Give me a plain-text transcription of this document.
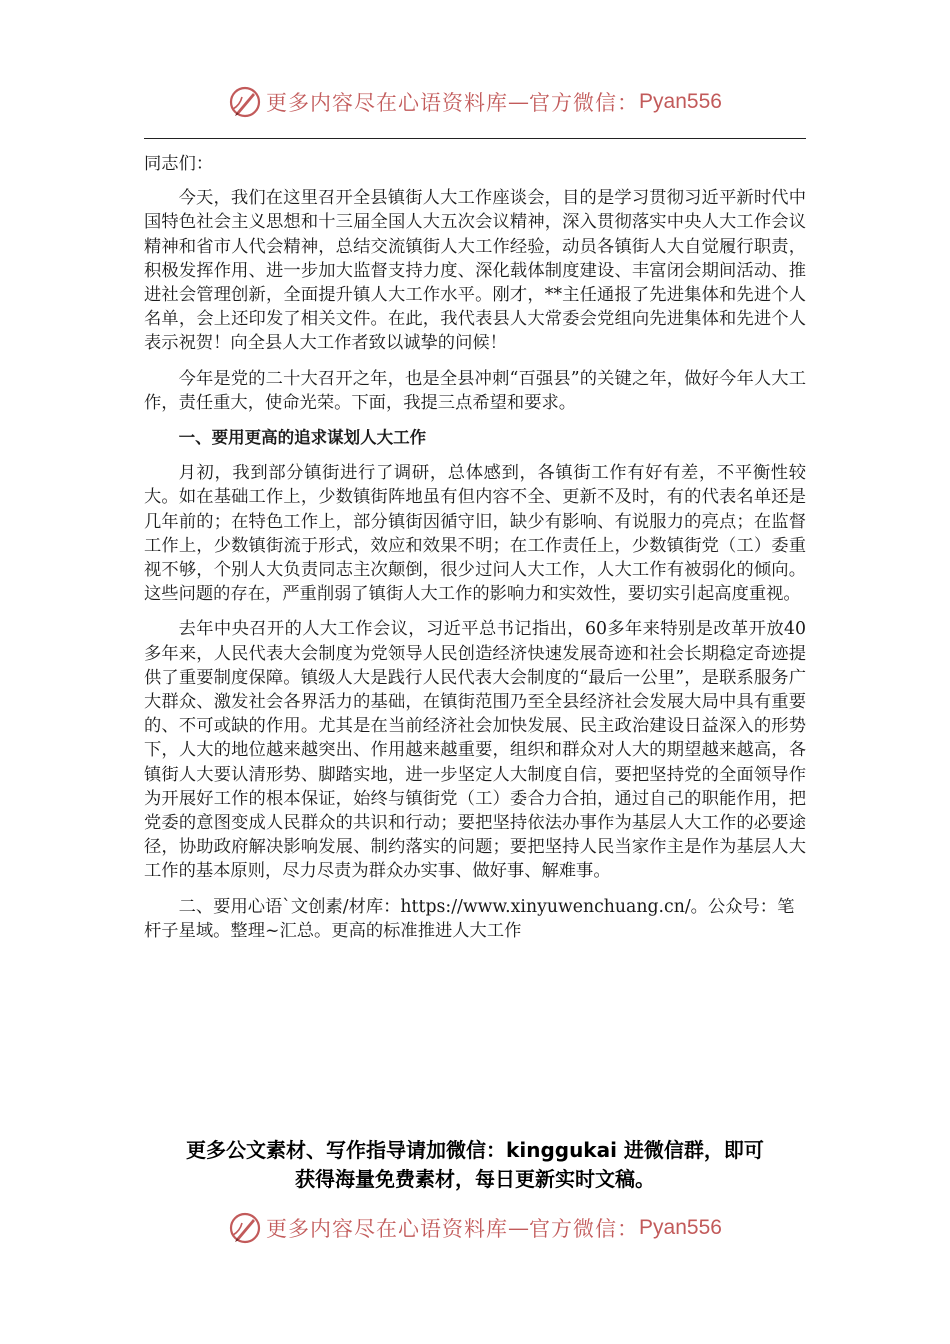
更多内容尽在心语资料库 — 官方微信： Pyan556

同志们：

今天，我们在这里召开全县镇街人大工作座谈会，目的是学习贯彻习近平新时代中国特色社会主义思想和十三届全国人大五次会议精神，深入贯彻落实中央人大工作会议精神和省市人代会精神，总结交流镇街人大工作经验，动员各镇街人大自觉履行职责，积极发挥作用、进一步加大监督支持力度、深化载体制度建设、丰富闭会期间活动、推进社会管理创新，全面提升镇人大工作水平。刚才，**主任通报了先进集体和先进个人名单，会上还印发了相关文件。在此，我代表县人大常委会党组向先进集体和先进个人表示祝贺！向全县人大工作者致以诚挚的问候！

今年是党的二十大召开之年，也是全县冲刺“百强县”的关键之年，做好今年人大工作，责任重大，使命光荣。下面，我提三点希望和要求。

一、要用更高的追求谋划人大工作

月初，我到部分镇街进行了调研，总体感到，各镇街工作有好有差，不平衡性较大。如在基础工作上，少数镇街阵地虽有但内容不全、更新不及时，有的代表名单还是几年前的；在特色工作上，部分镇街因循守旧，缺少有影响、有说服力的亮点；在监督工作上，少数镇街流于形式，效应和效果不明；在工作责任上，少数镇街党（工）委重视不够，个别人大负责同志主次颠倒，很少过问人大工作，人大工作有被弱化的倾向。这些问题的存在，严重削弱了镇街人大工作的影响力和实效性，要切实引起高度重视。

去年中央召开的人大工作会议，习近平总书记指出，60多年来特别是改革开放40多年来，人民代表大会制度为党领导人民创造经济快速发展奇迹和社会长期稳定奇迹提供了重要制度保障。镇级人大是践行人民代表大会制度的“最后一公里”，是联系服务广大群众、激发社会各界活力的基础，在镇街范围乃至全县经济社会发展大局中具有重要的、不可或缺的作用。尤其是在当前经济社会加快发展、民主政治建设日益深入的形势下，人大的地位越来越突出、作用越来越重要，组织和群众对人大的期望越来越高，各镇街人大要认清形势、脚踏实地，进一步坚定人大制度自信，要把坚持党的全面领导作为开展好工作的根本保证，始终与镇街党（工）委合力合拍，通过自己的职能作用，把党委的意图变成人民群众的共识和行动；要把坚持依法办事作为基层人大工作的必要途径，协助政府解决影响发展、制约落实的问题；要把坚持人民当家作主是作为基层人大工作的基本原则，尽力尽责为群众办实事、做好事、解难事。

二、要用心语`文创素/材库：https://www.xinyuwenchuang.cn/。公众号：笔杆子星域。整理~汇总。更高的标准推进人大工作

更多公文素材、写作指导请加微信：kinggukai 进微信群，即可
获得海量免费素材，每日更新实时文稿。
更多内容尽在心语资料库 — 官方微信： Pyan556
